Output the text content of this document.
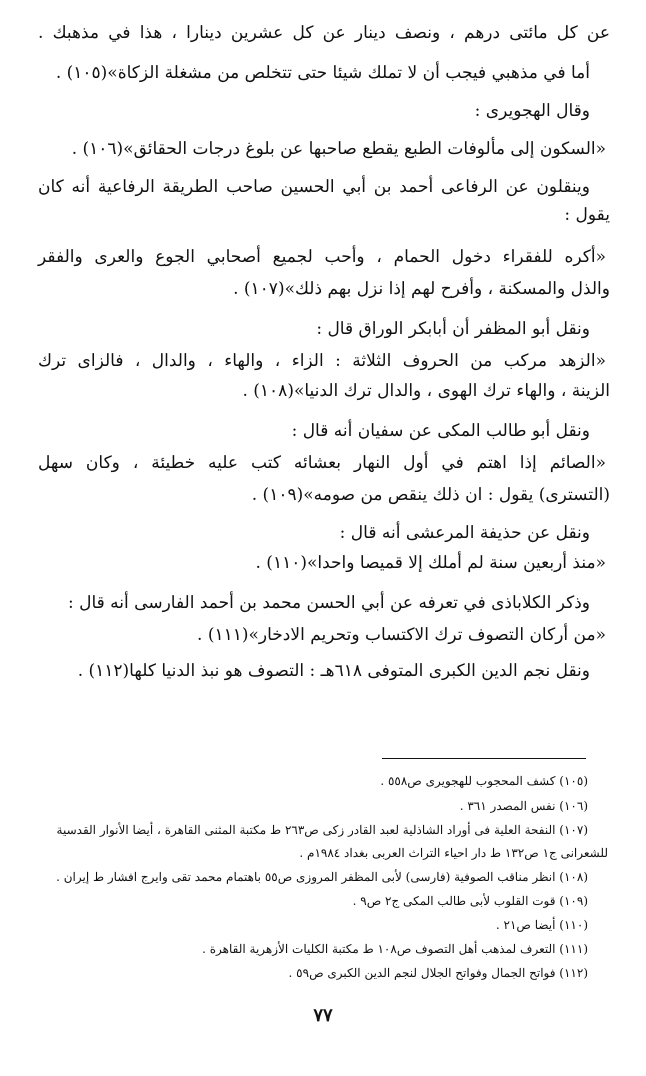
عن كل مائتى درهم ، ونصف دينار عن كل عشرين دينارا ، هذا في مذهبك .
أما في مذهبي فيجب أن لا تملك شيئا حتى تتخلص من مشغلة الزكاة»(١٠٥) .
وقال الهجويرى :
«السكون إلى مألوفات الطبع يقطع صاحبها عن بلوغ درجات الحقائق»(١٠٦) .
وينقلون عن الرفاعى أحمد بن أبي الحسين صاحب الطريقة الرفاعية أنه كان
يقول :
«أكره للفقراء دخول الحمام ، وأحب لجميع أصحابي الجوع والعرى والفقر
والذل والمسكنة ، وأفرح لهم إذا نزل بهم ذلك»(١٠٧) .
ونقل أبو المظفر أن أبابكر الوراق قال :
«الزهد مركب من الحروف الثلاثة : الزاء ، والهاء ، والدال ، فالزاى ترك
الزينة ، والهاء ترك الهوى ، والدال ترك الدنيا»(١٠٨) .
ونقل أبو طالب المكى عن سفيان أنه قال :
«الصائم إذا اهتم في أول النهار بعشائه كتب عليه خطيئة ، وكان سهل
(التسترى) يقول : ان ذلك ينقص من صومه»(١٠٩) .
ونقل عن حذيفة المرعشى أنه قال :
«منذ أربعين سنة لم أملك إلا قميصا واحدا»(١١٠) .
وذكر الكلاباذى في تعرفه عن أبي الحسن محمد بن أحمد الفارسى أنه قال :
«من أركان التصوف ترك الاكتساب وتحريم الادخار»(١١١) .
ونقل نجم الدين الكبرى المتوفى ٦١٨هـ : التصوف هو نبذ الدنيا كلها(١١٢) .
(١٠٥) كشف المحجوب للهجويرى ص٥٥٨ .
(١٠٦) نفس المصدر ٣٦١ .
(١٠٧) النفحة العلية فى أوراد الشاذلية لعبد القادر زكى ص٢٦٣ ط مكتبة المثنى القاهرة ، أيضا الأنوار القدسية
للشعرانى ج١ ص١٣٢ ط دار احياء التراث العربى بغداد ١٩٨٤م .
(١٠٨) انظر مناقب الصوفية (فارسى) لأبى المظفر المروزى ص٥٥ باهتمام محمد تقى وايرج افشار ط إيران .
(١٠٩) قوت القلوب لأبى طالب المكى ج٢ ص٩ .
(١١٠) أيضا ص٢١ .
(١١١) التعرف لمذهب أهل التصوف ص١٠٨ ط مكتبة الكليات الأزهرية القاهرة .
(١١٢) فواتح الجمال وفواتح الجلال لنجم الدين الكبرى ص٥٩ .
٧٧
